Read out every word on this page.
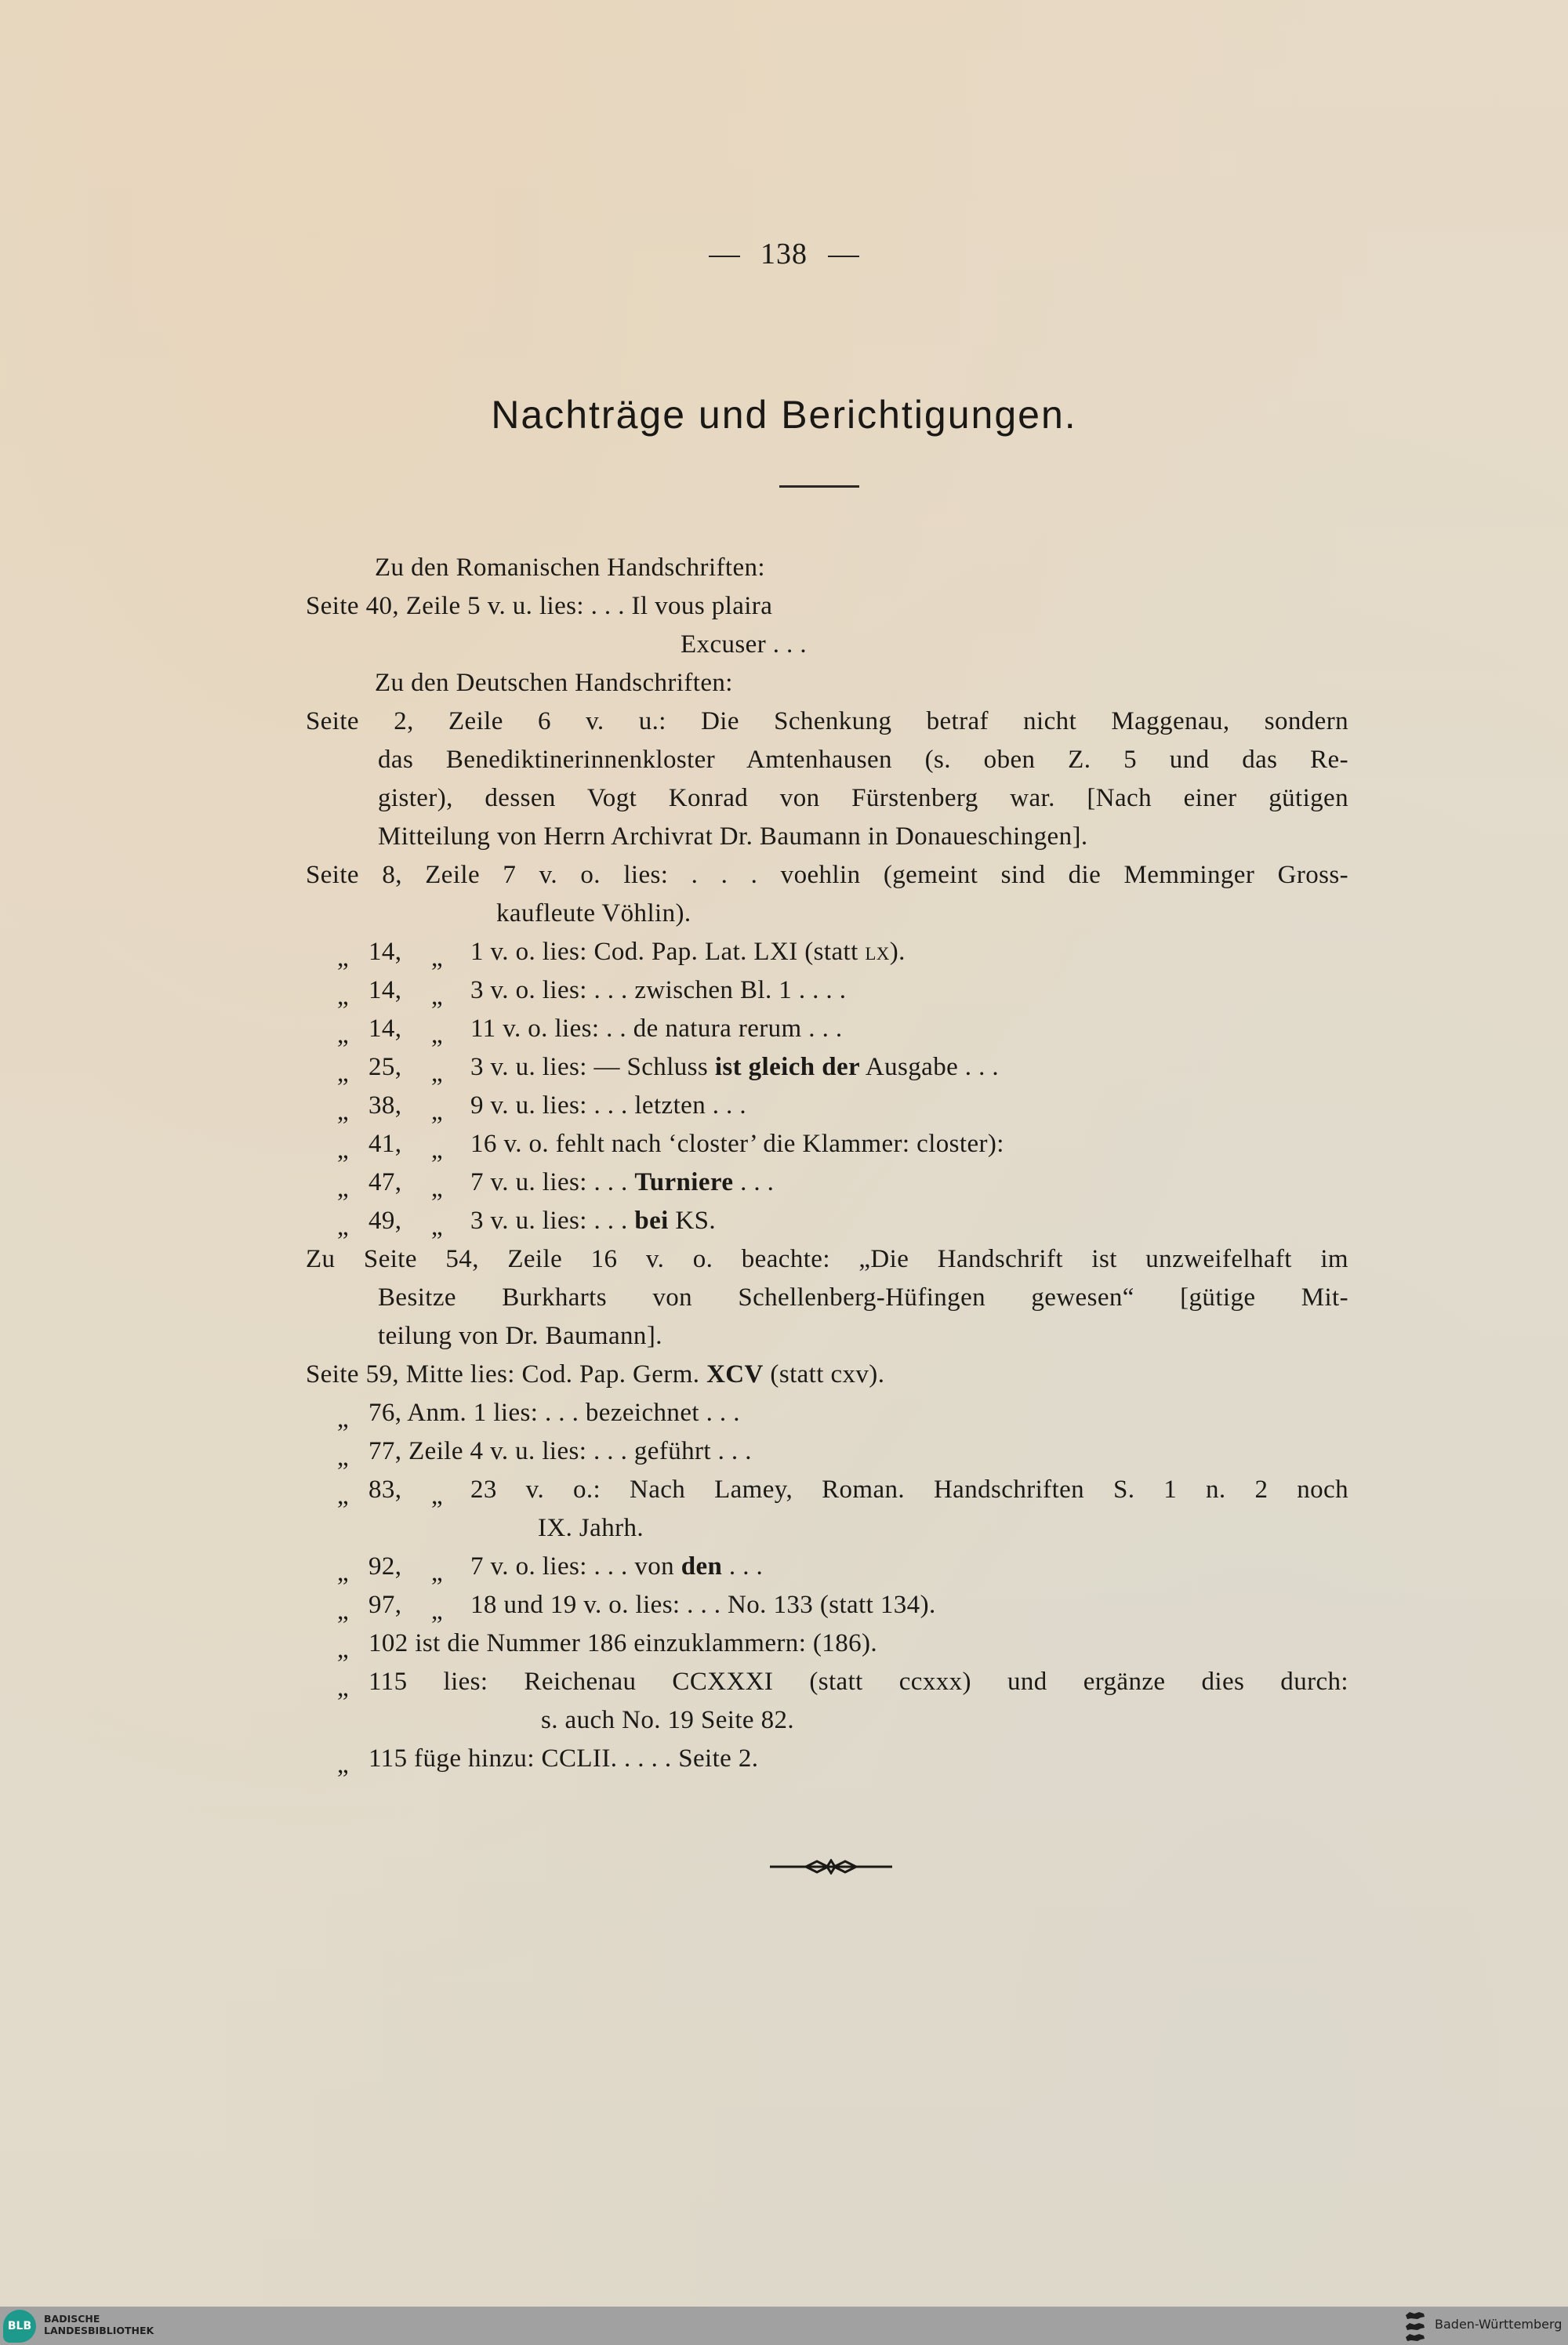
138
Nachträge und Berichtigungen.
Zu den Romanischen Handschriften:
Seite 40, Zeile 5 v. u. lies: . . . Il vous plaira
Excuser . . .
Zu den Deutschen Handschriften:
Seite 2, Zeile 6 v. u.: Die Schenkung betraf nicht Maggenau, sondern
das Benediktinerinnenkloster Amtenhausen (s. oben Z. 5 und das Re-
gister), dessen Vogt Konrad von Fürstenberg war. [Nach einer gütigen
Mitteilung von Herrn Archivrat Dr. Baumann in Donaueschingen].
Seite 8, Zeile 7 v. o. lies: . . . voehlin (gemeint sind die Memminger Gross-
kaufleute Vöhlin).
„ 14, „ 1 v. o. lies: Cod. Pap. Lat. LXI (statt lx).
„ 14, „ 3 v. o. lies: . . . zwischen Bl. 1 . . . .
„ 14, „ 11 v. o. lies: . . de natura rerum . . .
„ 25, „ 3 v. u. lies: — Schluss ist gleich der Ausgabe . . .
„ 38, „ 9 v. u. lies: . . . letzten . . .
„ 41, „ 16 v. o. fehlt nach ‘closter’ die Klammer: closter):
„ 47, „ 7 v. u. lies: . . . Turniere . . .
„ 49, „ 3 v. u. lies: . . . bei KS.
Zu Seite 54, Zeile 16 v. o. beachte: „Die Handschrift ist unzweifelhaft im
Besitze Burkharts von Schellenberg-Hüfingen gewesen“ [gütige Mit-
teilung von Dr. Baumann].
Seite 59, Mitte lies: Cod. Pap. Germ. XCV (statt cxv).
„ 76, Anm. 1 lies: . . . bezeichnet . . .
„ 77, Zeile 4 v. u. lies: . . . geführt . . .
„ 83,	„	23 v. o.: Nach Lamey, Roman. Handschriften S. 1 n. 2 noch
IX. Jahrh.
„ 92, „ 7 v. o. lies: . . . von den . . .
„ 97, „ 18 und 19 v. o. lies: . . . No. 133 (statt 134).
„ 102 ist die Nummer 186 einzuklammern: (186).
„ 115 lies: Reichenau CCXXXI (statt ccxxx) und ergänze dies durch:
s. auch No. 19 Seite 82.
„ 115 füge hinzu: CCLII. . . . . Seite 2.
BLB
BADISCHE
LANDESBIBLIOTHEK	Baden-Württemberg
